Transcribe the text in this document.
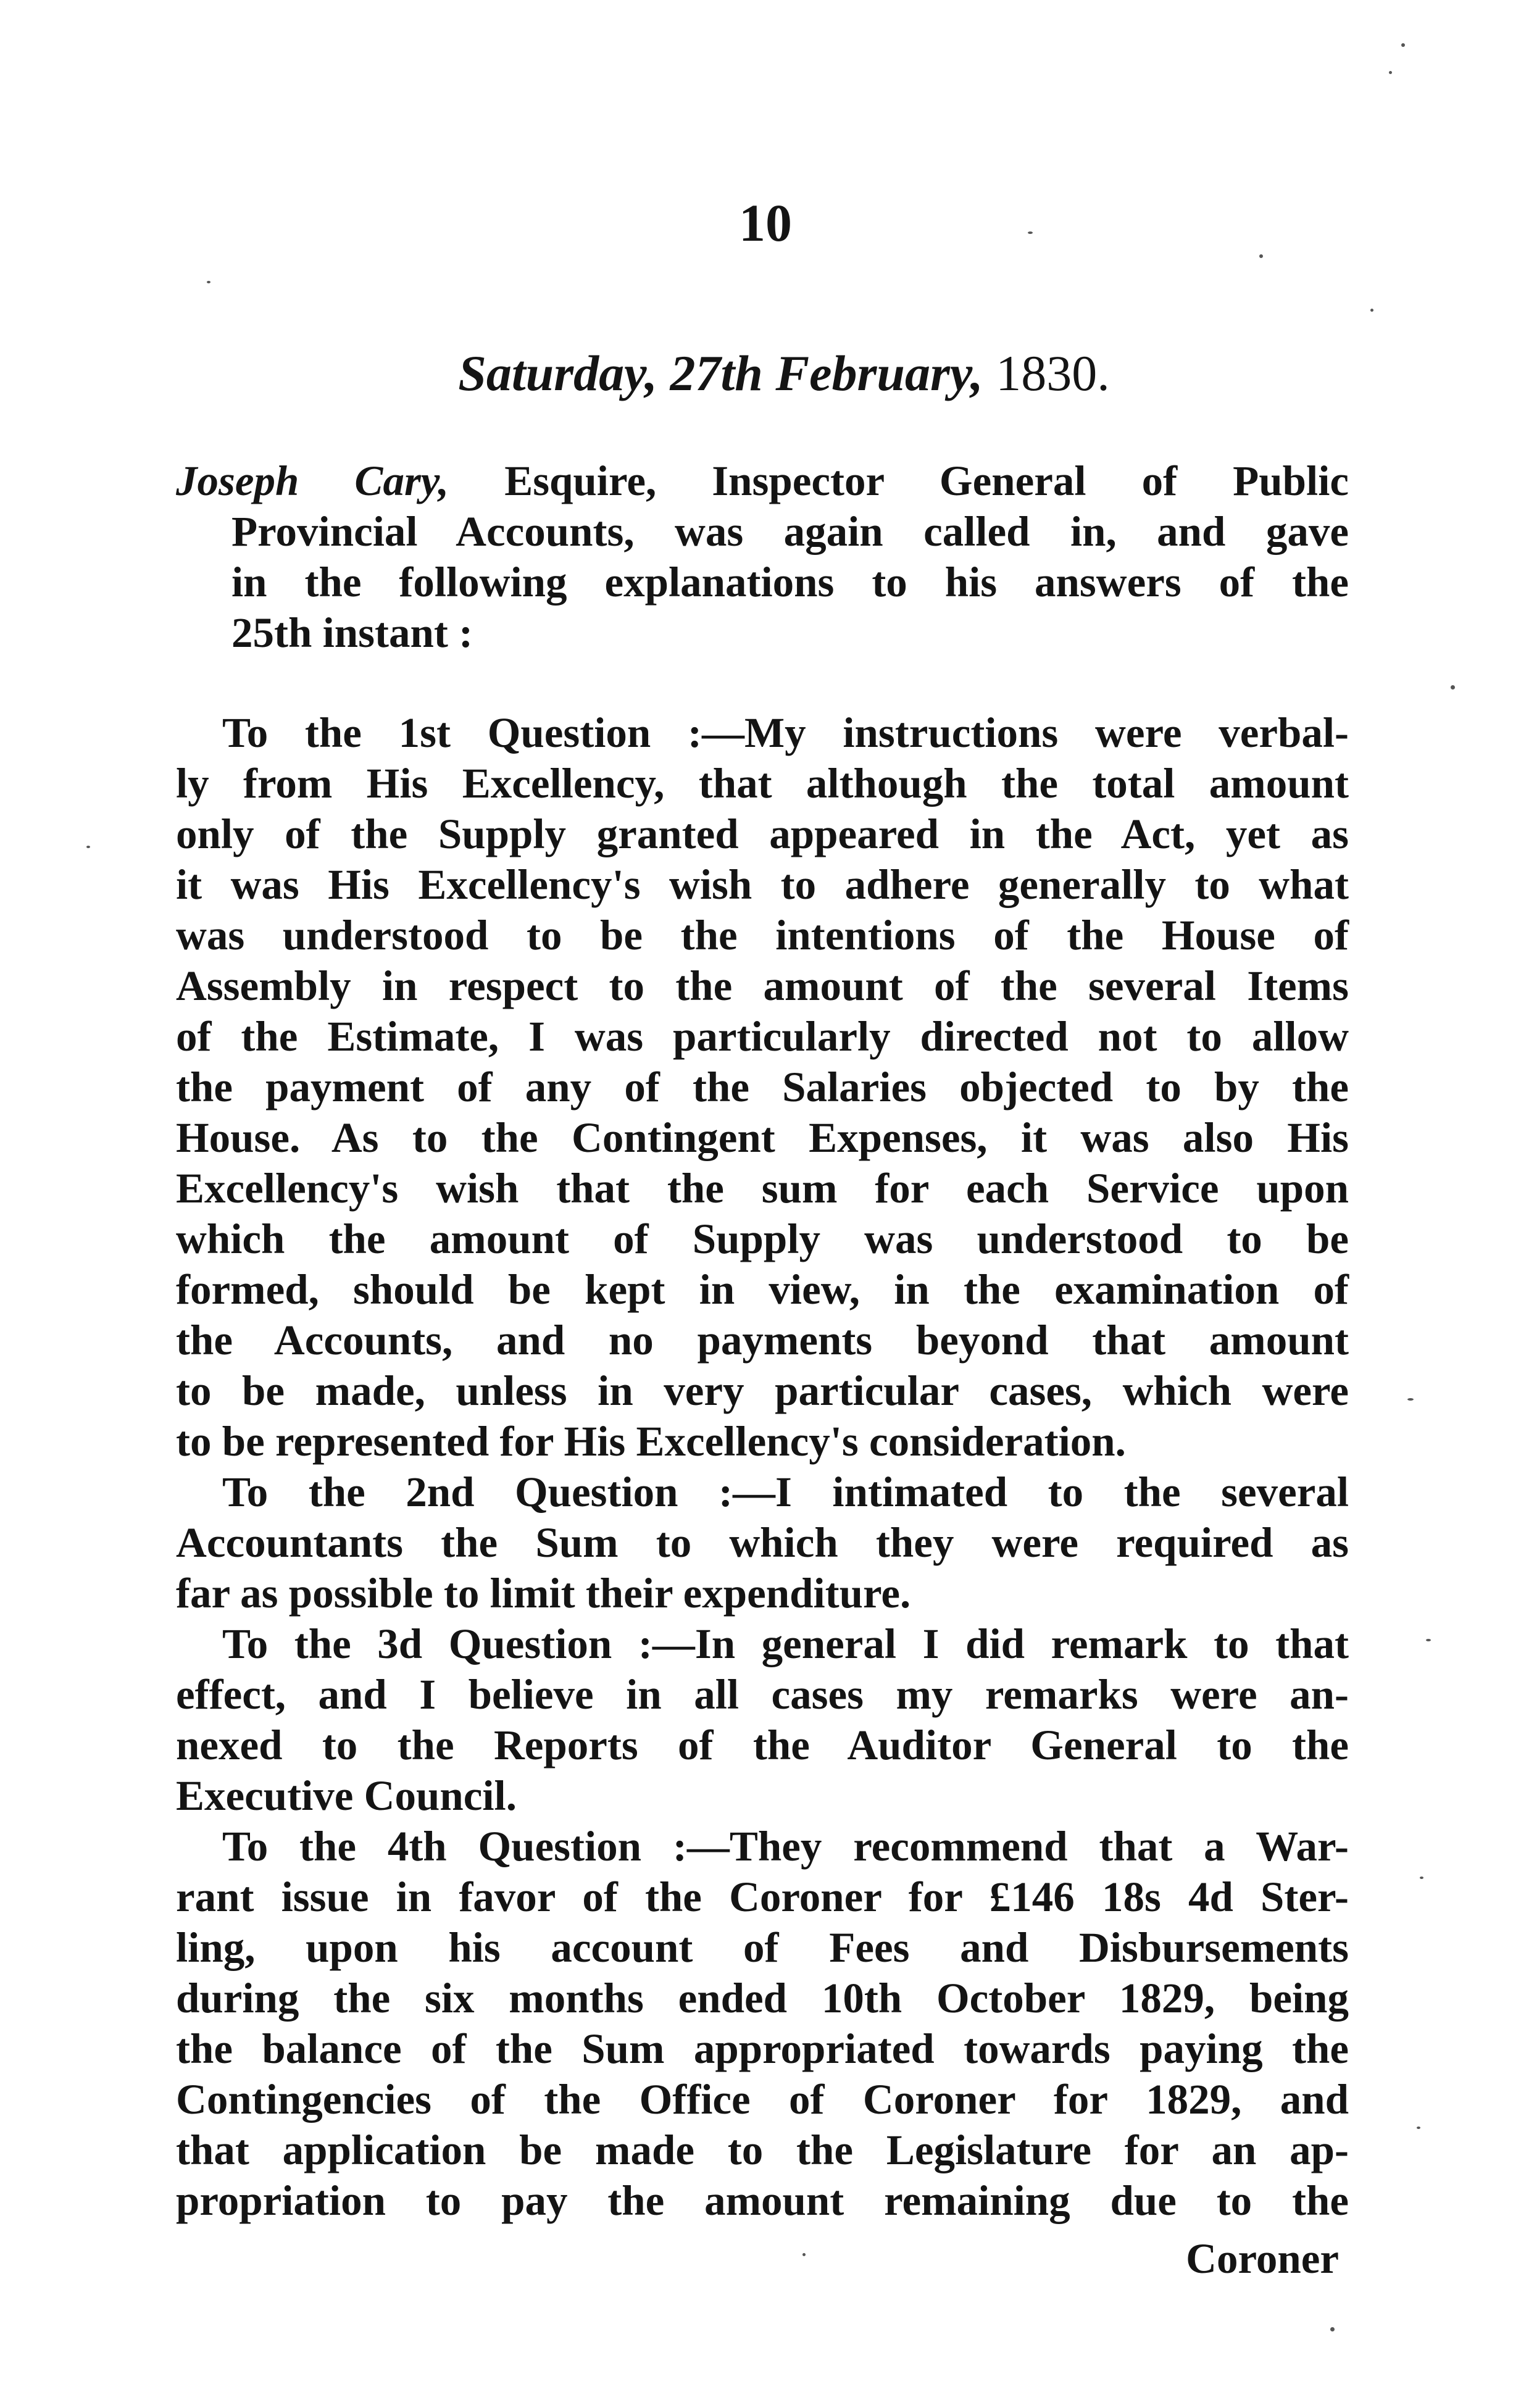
10

Saturday, 27th February, 1830.

Joseph Cary, Esquire, Inspector General of Public
Provincial Accounts, was again called in, and gave
in the following explanations to his answers of the
25th instant :
To the 1st Question :—My instructions were verbal-
ly from His Excellency, that although the total amount
only of the Supply granted appeared in the Act, yet as
it was His Excellency's wish to adhere generally to what
was understood to be the intentions of the House of
Assembly in respect to the amount of the several Items
of the Estimate, I was particularly directed not to allow
the payment of any of the Salaries objected to by the
House. As to the Contingent Expenses, it was also His
Excellency's wish that the sum for each Service upon
which the amount of Supply was understood to be
formed, should be kept in view, in the examination of
the Accounts, and no payments beyond that amount
to be made, unless in very particular cases, which were
to be represented for His Excellency's consideration.
To the 2nd Question :—I intimated to the several
Accountants the Sum to which they were required as
far as possible to limit their expenditure.
To the 3d Question :—In general I did remark to that
effect, and I believe in all cases my remarks were an-
nexed to the Reports of the Auditor General to the
Executive Council.
To the 4th Question :—They recommend that a War-
rant issue in favor of the Coroner for £146 18s 4d Ster-
ling, upon his account of Fees and Disbursements
during the six months ended 10th October 1829, being
the balance of the Sum appropriated towards paying the
Contingencies of the Office of Coroner for 1829, and
that application be made to the Legislature for an ap-
propriation to pay the amount remaining due to the

Coroner
